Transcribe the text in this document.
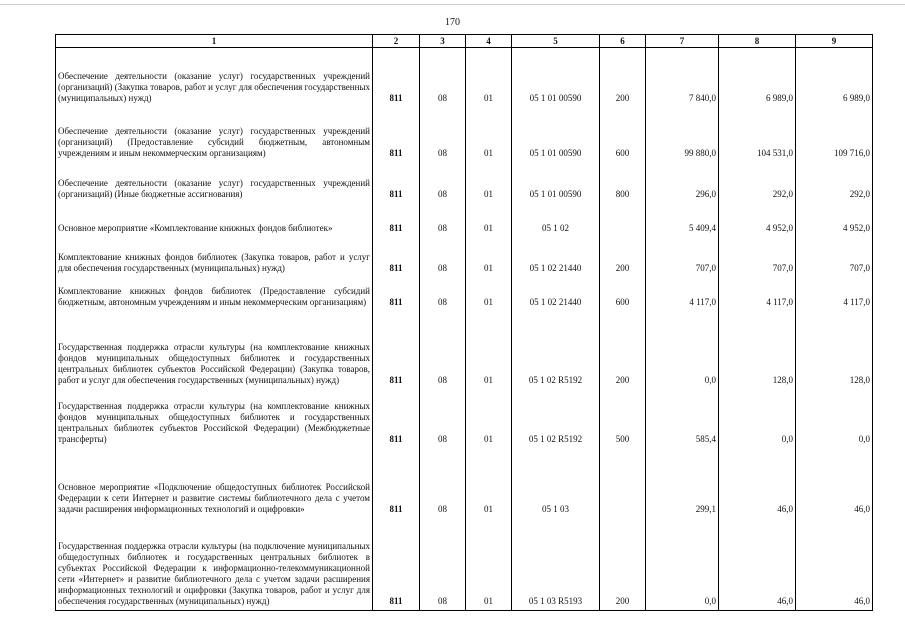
170
1	2	3	4	5	6	7	8	9
Обеспечение деятельности (оказание услуг) государственных учреждений (организаций) (Закупка товаров, работ и услуг для обеспечения государственных (муниципальных) нужд)	811	08	01	05 1 01 00590	200	7 840,0	6 989,0	6 989,0
Обеспечение деятельности (оказание услуг) государственных учреждений (организаций) (Предоставление субсидий бюджетным, автономным учреждениям и иным некоммерческим организациям)	811	08	01	05 1 01 00590	600	99 880,0	104 531,0	109 716,0
Обеспечение деятельности (оказание услуг) государственных учреждений (организаций) (Иные бюджетные ассигнования)	811	08	01	05 1 01 00590	800	296,0	292,0	292,0
Основное мероприятие «Комплектование книжных фондов библиотек»	811	08	01	05 1 02		5 409,4	4 952,0	4 952,0
Комплектование книжных фондов библиотек (Закупка товаров, работ и услуг для обеспечения государственных (муниципальных) нужд)	811	08	01	05 1 02 21440	200	707,0	707,0	707,0
Комплектование книжных фондов библиотек (Предоставление субсидий бюджетным, автономным учреждениям и иным некоммерческим организациям)	811	08	01	05 1 02 21440	600	4 117,0	4 117,0	4 117,0
Государственная поддержка отрасли культуры (на комплектование книжных фондов муниципальных общедоступных библиотек и государственных центральных библиотек субъектов Российской Федерации) (Закупка товаров, работ и услуг для обеспечения государственных (муниципальных) нужд)	811	08	01	05 1 02 R5192	200	0,0	128,0	128,0
Государственная поддержка отрасли культуры (на комплектование книжных фондов муниципальных общедоступных библиотек и государственных центральных библиотек субъектов Российской Федерации) (Межбюджетные трансферты)	811	08	01	05 1 02 R5192	500	585,4	0,0	0,0
Основное мероприятие «Подключение общедоступных библиотек Российской Федерации к сети Интернет и развитие системы библиотечного дела с учетом задачи расширения информационных технологий и оцифровки»	811	08	01	05 1 03		299,1	46,0	46,0
Государственная поддержка отрасли культуры (на подключение муниципальных общедоступных библиотек и государственных центральных библиотек в субъектах Российской Федерации к информационно-телекоммуникационной сети «Интернет» и развитие библиотечного дела с учетом задачи расширения информационных технологий и оцифровки (Закупка товаров, работ и услуг для обеспечения государственных (муниципальных) нужд)	811	08	01	05 1 03 R5193	200	0,0	46,0	46,0
